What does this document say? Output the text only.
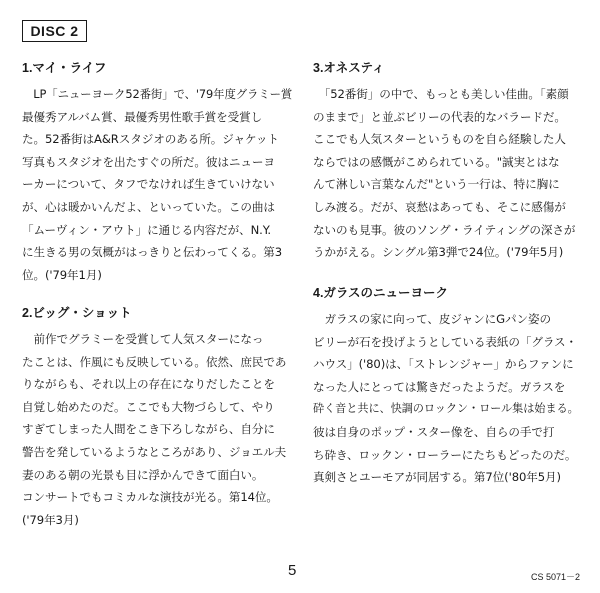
DISC 2
1.マイ・ライフ
　LP「ニューヨーク52番街」で、'79年度グラミー賞
最優秀アルバム賞、最優秀男性歌手賞を受賞し
た。52番街はA&Rスタジオのある所。ジャケット
写真もスタジオを出たすぐの所だ。彼はニューヨ
ーカーについて、タフでなければ生きていけない
が、心は暖かいんだよ、といっていた。この曲は
「ムーヴィン・アウト」に通じる内容だが、N.Y.
に生きる男の気概がはっきりと伝わってくる。第3
位。('79年1月)
2.ビッグ・ショット
　前作でグラミーを受賞して人気スターになっ
たことは、作風にも反映している。依然、庶民であ
りながらも、それ以上の存在になりだしたことを
自覚し始めたのだ。ここでも大物づらして、やり
すぎてしまった人間をこき下ろしながら、自分に
警告を発しているようなところがあり、ジョエル夫
妻のある朝の光景も目に浮かんできて面白い。
コンサートでもコミカルな演技が光る。第14位。
('79年3月)
3.オネスティ
　「52番街」の中で、もっとも美しい佳曲。「素顔
のままで」と並ぶビリーの代表的なバラードだ。
ここでも人気スターというものを自ら経験した人
ならではの感慨がこめられている。"誠実とはな
んて淋しい言葉なんだ"という一行は、特に胸に
しみ渡る。だが、哀愁はあっても、そこに感傷が
ないのも見事。彼のソング・ライティングの深さが
うかがえる。シングル第3弾で24位。('79年5月)
4.ガラスのニューヨーク
　ガラスの家に向って、皮ジャンにGパン姿の
ビリーが石を投げようとしている表紙の「グラス・
ハウス」('80)は、「ストレンジャー」からファンに
なった人にとっては驚きだったようだ。ガラスを
砕く音と共に、快調のロックン・ロール集は始まる。
彼は自身のポップ・スター像を、自らの手で打
ち砕き、ロックン・ローラーにたちもどったのだ。
真剣さとユーモアが同居する。第7位('80年5月)
5	CS 5071－2
